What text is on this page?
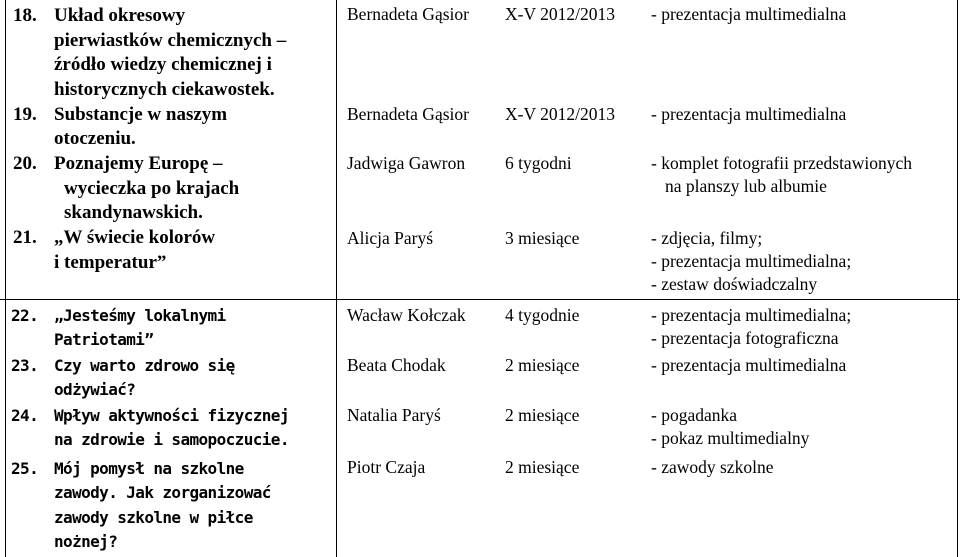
18. Układ okresowy
pierwiastków chemicznych –
źródło wiedzy chemicznej i
historycznych ciekawostek.
Bernadeta Gąsior X-V 2012/2013 - prezentacja multimedialna
19. Substancje w naszym
otoczeniu.
Bernadeta Gąsior X-V 2012/2013 - prezentacja multimedialna
20. Poznajemy Europę –
wycieczka po krajach
skandynawskich.
Jadwiga Gawron 6 tygodni	- komplet fotografii przedstawionych
na planszy lub albumie
21. „W świecie kolorów
i temperatur”
Alicja Paryś	3 miesiące	- zdjęcia, filmy;
- prezentacja multimedialna;
- zestaw doświadczalny
22. „Jesteśmy lokalnymi
Patriotami”
Wacław Kołczak 4 tygodnie	- prezentacja multimedialna;
- prezentacja fotograficzna
23. Czy warto zdrowo się
odżywiać?
Beata Chodak	2 miesiące	- prezentacja multimedialna
24. Wpływ aktywności fizycznej
na zdrowie i samopoczucie.
Natalia Paryś	2 miesiące	- pogadanka
- pokaz multimedialny
25. Mój pomysł na szkolne
zawody. Jak zorganizować
zawody szkolne w piłce
nożnej?
Piotr Czaja	2 miesiące	- zawody szkolne
